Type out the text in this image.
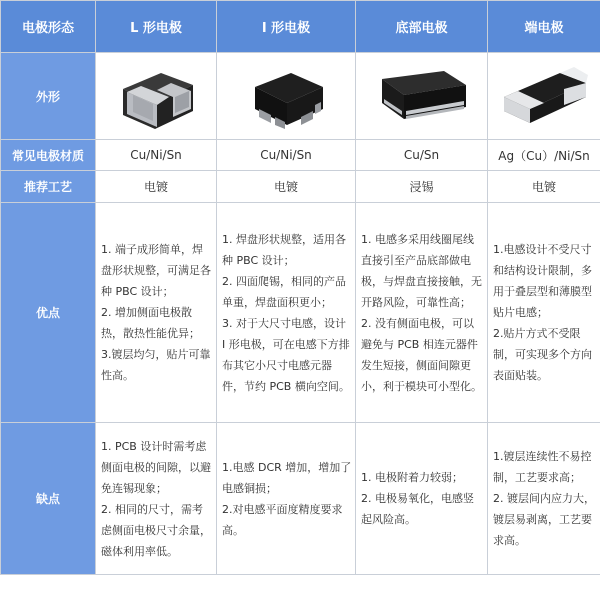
电极形态	L 形电极	I 形电极	底部电极	端电极
外形	

常见电极材质	Cu/Ni/Sn	Cu/Ni/Sn	Cu/Sn	Ag（Cu）/Ni/Sn
推荐工艺	电镀	电镀	浸锡	电镀
优点	1. 端子成形简单，焊盘形状规整，可满足各种 PBC 设计；
2. 增加侧面电极散热，散热性能优异；
3.镀层均匀，贴片可靠性高。	1. 焊盘形状规整，适用各种 PBC 设计；
2. 四面爬锡，相同的产品单重，焊盘面积更小；
3. 对于大尺寸电感，设计 I 形电极，可在电感下方排布其它小尺寸电感元器件，节约 PCB 横向空间。	1. 电感多采用线圈尾线直接引至产品底部做电极，与焊盘直接接触，无开路风险，可靠性高；
2. 没有侧面电极，可以避免与 PCB 相连元器件发生短接，侧面间隙更小，利于模块可小型化。	1.电感设计不受尺寸和结构设计限制，多用于叠层型和薄膜型贴片电感；
2.贴片方式不受限制，可实现多个方向表面贴装。
缺点	1. PCB 设计时需考虑侧面电极的间隙，以避免连锡现象；
2. 相同的尺寸，需考虑侧面电极尺寸余量，磁体利用率低。	1.电感 DCR 增加，增加了电感铜损；
2.对电感平面度精度要求高。	1. 电极附着力较弱；
2. 电极易氧化，电感竖起风险高。	1.镀层连续性不易控制，工艺要求高；
2. 镀层间内应力大，镀层易剥离，工艺要求高。
